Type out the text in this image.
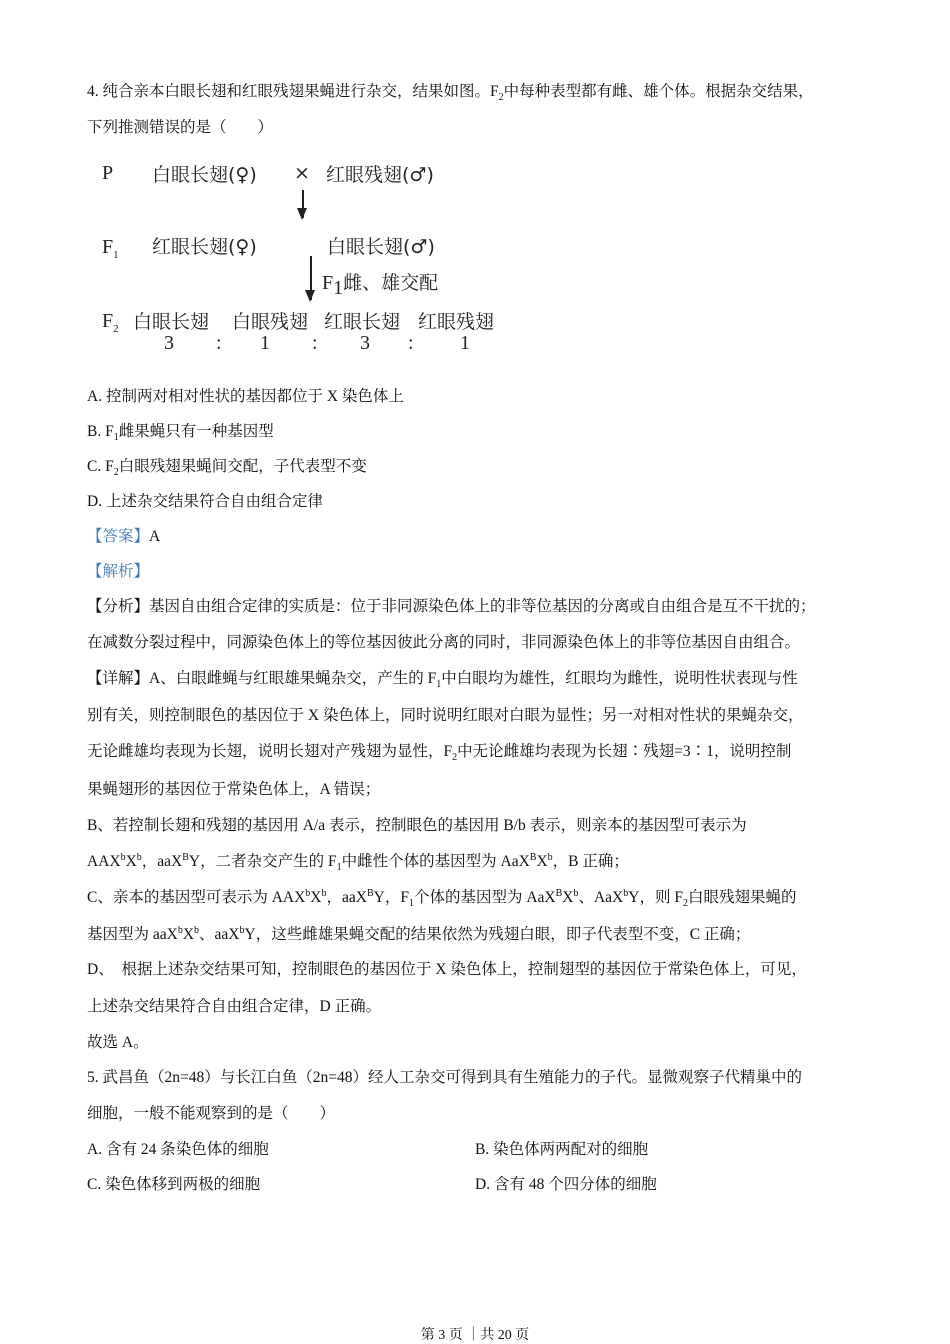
4. 纯合亲本白眼长翅和红眼残翅果蝇进行杂交，结果如图。$F_2$中每种表型都有雌、雄个体。根据杂交结果，
下列推测错误的是（　　）
P 白眼长翅(♀) × 红眼残翅(♂)
$F_1$ 红眼长翅(♀)	白眼长翅(♂)
$F_1$雌、雄交配
$F_2$ 白眼长翅 白眼残翅 红眼长翅 红眼残翅
3 : 1 : 3 : 1
A. 控制两对相对性状的基因都位于 X 染色体上
B. $F_1$雌果蝇只有一种基因型
C. $F_2$白眼残翅果蝇间交配，子代表型不变
D. 上述杂交结果符合自由组合定律
【答案】A
【解析】
【分析】基因自由组合定律的实质是：位于非同源染色体上的非等位基因的分离或自由组合是互不干扰的；
在减数分裂过程中，同源染色体上的等位基因彼此分离的同时，非同源染色体上的非等位基因自由组合。
【详解】A、白眼雌蝇与红眼雄果蝇杂交，产生的 $F_1$中白眼均为雄性，红眼均为雌性，说明性状表现与性
别有关，则控制眼色的基因位于 X 染色体上，同时说明红眼对白眼为显性；另一对相对性状的果蝇杂交，
无论雌雄均表现为长翅，说明长翅对产残翅为显性，$F_2$中无论雌雄均表现为长翅∶残翅=3∶1，说明控制
果蝇翅形的基因位于常染色体上，A 错误；
B、若控制长翅和残翅的基因用 A/a 表示，控制眼色的基因用 B/b 表示，则亲本的基因型可表示为
$AAX^bX^b$，aaX$^B$Y，二者杂交产生的 $F_1$中雌性个体的基因型为 $AaX^BX^b$，B 正确；
C、亲本的基因型可表示为 $AAX^bX^b$，aaX$^B$Y，$F_1$个体的基因型为 $AaX^BX^b$、AaX$^b$Y，则 $F_2$白眼残翅果蝇的
基因型为 $aaX^bX^b$、aaX$^b$Y，这些雌雄果蝇交配的结果依然为残翅白眼，即子代表型不变，C 正确；
D、　根据上述杂交结果可知，控制眼色的基因位于 X 染色体上，控制翅型的基因位于常染色体上，可见，
上述杂交结果符合自由组合定律，D 正确。
故选 A。
5. 武昌鱼（2n=48）与长江白鱼（2n=48）经人工杂交可得到具有生殖能力的子代。显微观察子代精巢中的
细胞，一般不能观察到的是（　　）
A. 含有 24 条染色体的细胞	B. 染色体两两配对的细胞
C. 染色体移到两极的细胞	D. 含有 48 个四分体的细胞
第 3 页 ｜共 20 页
